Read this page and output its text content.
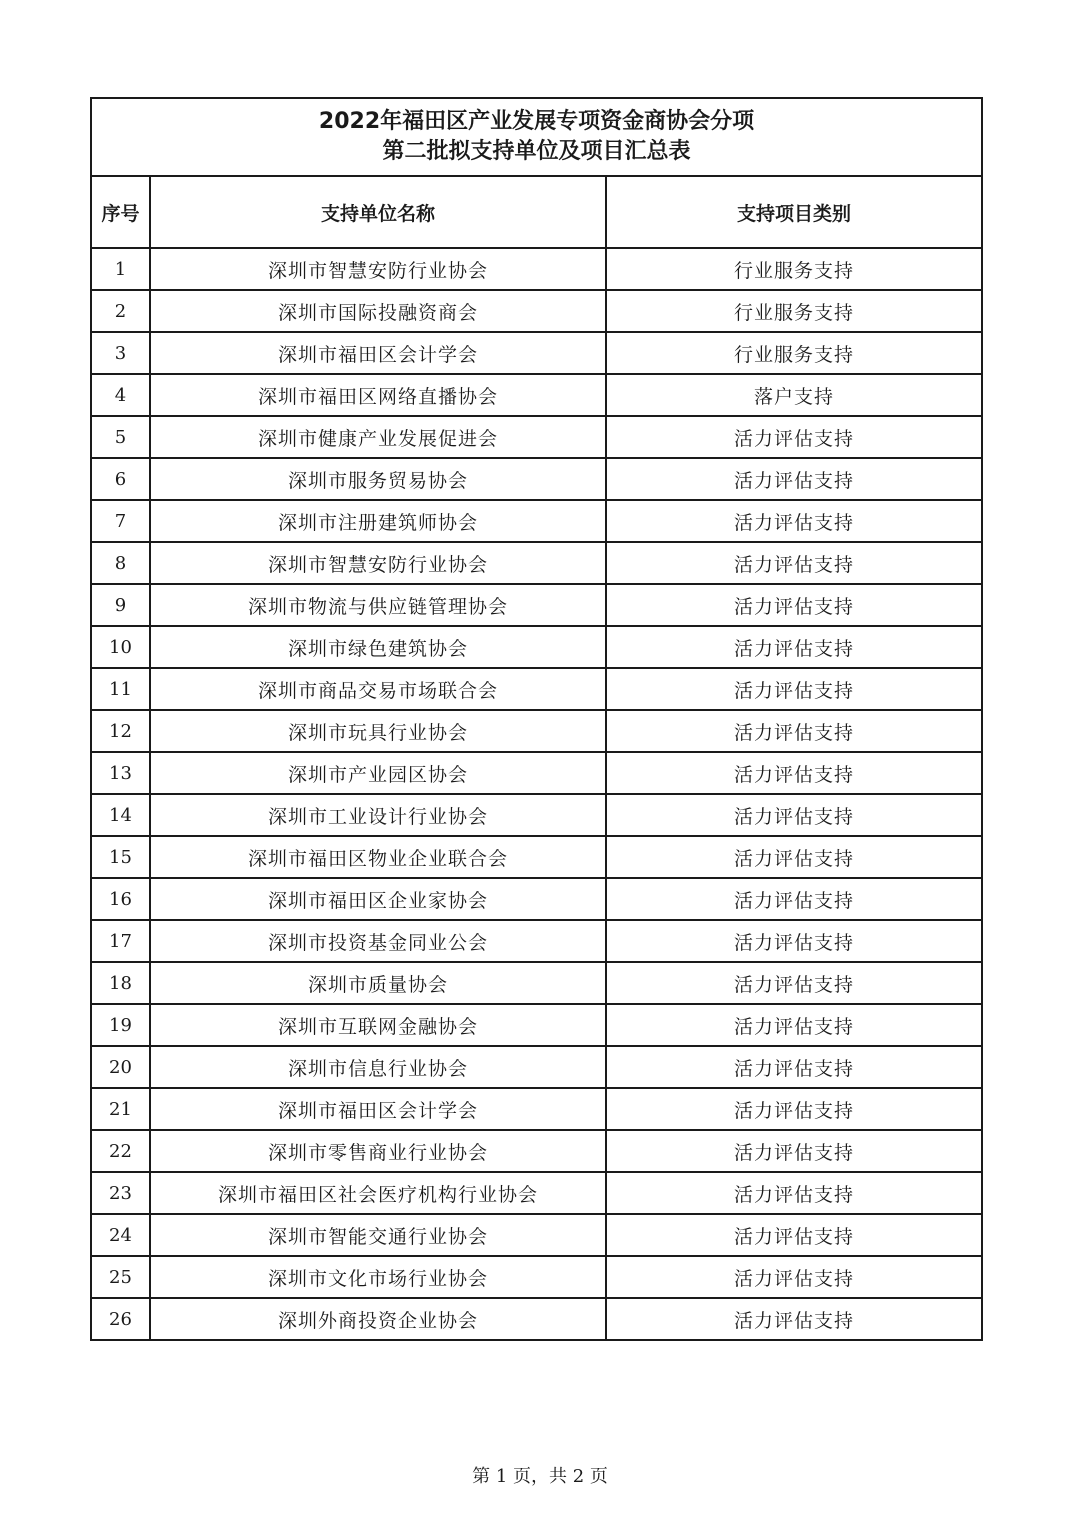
2022年福田区产业发展专项资金商协会分项
第二批拟支持单位及项目汇总表		

序号	支持单位名称	支持项目类别
1	深圳市智慧安防行业协会	行业服务支持
2	深圳市国际投融资商会	行业服务支持
3	深圳市福田区会计学会	行业服务支持
4	深圳市福田区网络直播协会	落户支持
5	深圳市健康产业发展促进会	活力评估支持
6	深圳市服务贸易协会	活力评估支持
7	深圳市注册建筑师协会	活力评估支持
8	深圳市智慧安防行业协会	活力评估支持
9	深圳市物流与供应链管理协会	活力评估支持
10	深圳市绿色建筑协会	活力评估支持
11	深圳市商品交易市场联合会	活力评估支持
12	深圳市玩具行业协会	活力评估支持
13	深圳市产业园区协会	活力评估支持
14	深圳市工业设计行业协会	活力评估支持
15	深圳市福田区物业企业联合会	活力评估支持
16	深圳市福田区企业家协会	活力评估支持
17	深圳市投资基金同业公会	活力评估支持
18	深圳市质量协会	活力评估支持
19	深圳市互联网金融协会	活力评估支持
20	深圳市信息行业协会	活力评估支持
21	深圳市福田区会计学会	活力评估支持
22	深圳市零售商业行业协会	活力评估支持
23	深圳市福田区社会医疗机构行业协会	活力评估支持
24	深圳市智能交通行业协会	活力评估支持
25	深圳市文化市场行业协会	活力评估支持
26	深圳外商投资企业协会	活力评估支持
第 1 页，共 2 页
